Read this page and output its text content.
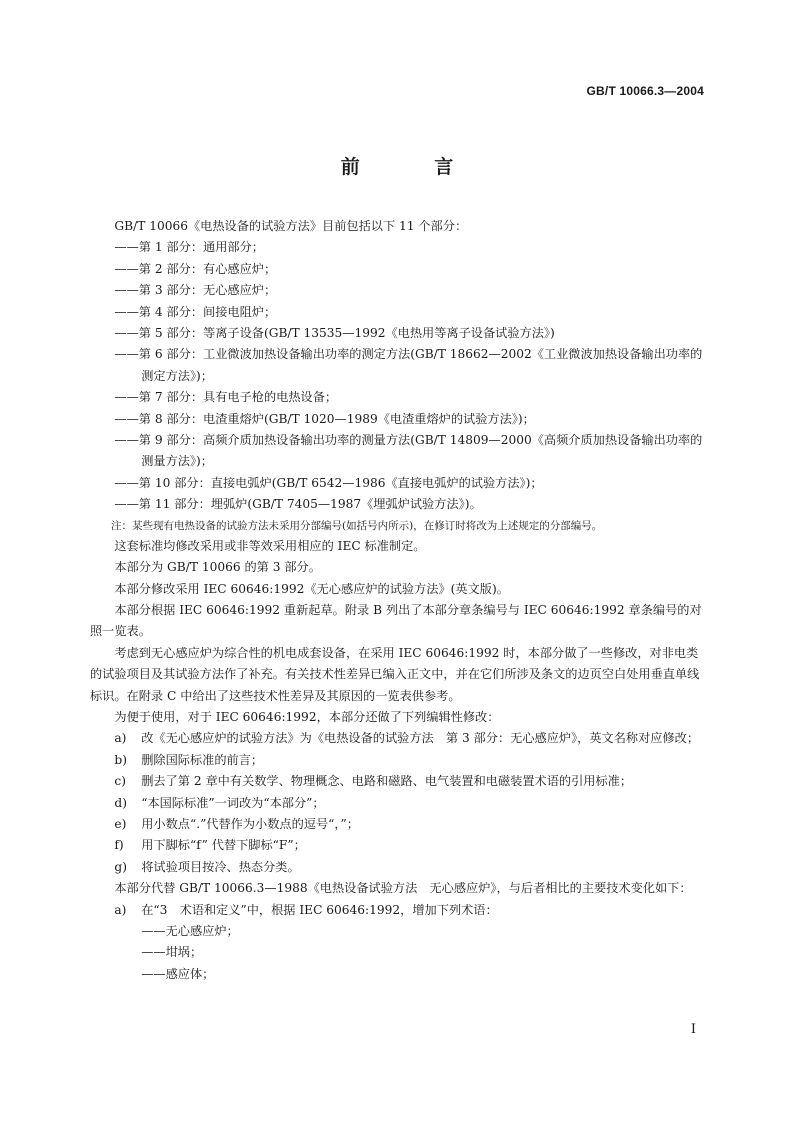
GB/T 10066.3—2004
前 言

GB/T 10066《电热设备的试验方法》目前包括以下 11 个部分：

——第 1 部分：通用部分；
——第 2 部分：有心感应炉；
——第 3 部分：无心感应炉；
——第 4 部分：间接电阻炉；
——第 5 部分：等离子设备(GB/T 13535—1992《电热用等离子设备试验方法》)
——第 6 部分：工业微波加热设备输出功率的测定方法(GB/T 18662—2002《工业微波加热设备输出功率的测定方法》)；
——第 7 部分：具有电子枪的电热设备；
——第 8 部分：电渣重熔炉(GB/T 1020—1989《电渣重熔炉的试验方法》)；
——第 9 部分：高频介质加热设备输出功率的测量方法(GB/T 14809—2000《高频介质加热设备输出功率的测量方法》)；
——第 10 部分：直接电弧炉(GB/T 6542—1986《直接电弧炉的试验方法》)；
——第 11 部分：埋弧炉(GB/T 7405—1987《埋弧炉试验方法》)。

注：某些现有电热设备的试验方法未采用分部编号(如括号内所示)，在修订时将改为上述规定的分部编号。

这套标准均修改采用或非等效采用相应的 IEC 标准制定。

本部分为 GB/T 10066 的第 3 部分。

本部分修改采用 IEC 60646:1992《无心感应炉的试验方法》(英文版)。

本部分根据 IEC 60646:1992 重新起草。附录 B 列出了本部分章条编号与 IEC 60646:1992 章条编号的对照一览表。

考虑到无心感应炉为综合性的机电成套设备，在采用 IEC 60646:1992 时，本部分做了一些修改，对非电类的试验项目及其试验方法作了补充。有关技术性差异已编入正文中，并在它们所涉及条文的边页空白处用垂直单线标识。在附录 C 中给出了这些技术性差异及其原因的一览表供参考。

为便于使用，对于 IEC 60646:1992，本部分还做了下列编辑性修改：

a) 改《无心感应炉的试验方法》为《电热设备的试验方法　第 3 部分：无心感应炉》，英文名称对应修改；
b) 删除国际标准的前言；
c) 删去了第 2 章中有关数学、物理概念、电路和磁路、电气装置和电磁装置术语的引用标准；
d) “本国际标准”一词改为“本部分”；
e) 用小数点“.”代替作为小数点的逗号“，”；
f) 用下脚标“f” 代替下脚标“F”；
g) 将试验项目按冷、热态分类。

本部分代替 GB/T 10066.3—1988《电热设备试验方法　无心感应炉》，与后者相比的主要技术变化如下：

a) 在“3　术语和定义”中，根据 IEC 60646:1992，增加下列术语：
——无心感应炉；
——坩埚；
——感应体；
I
